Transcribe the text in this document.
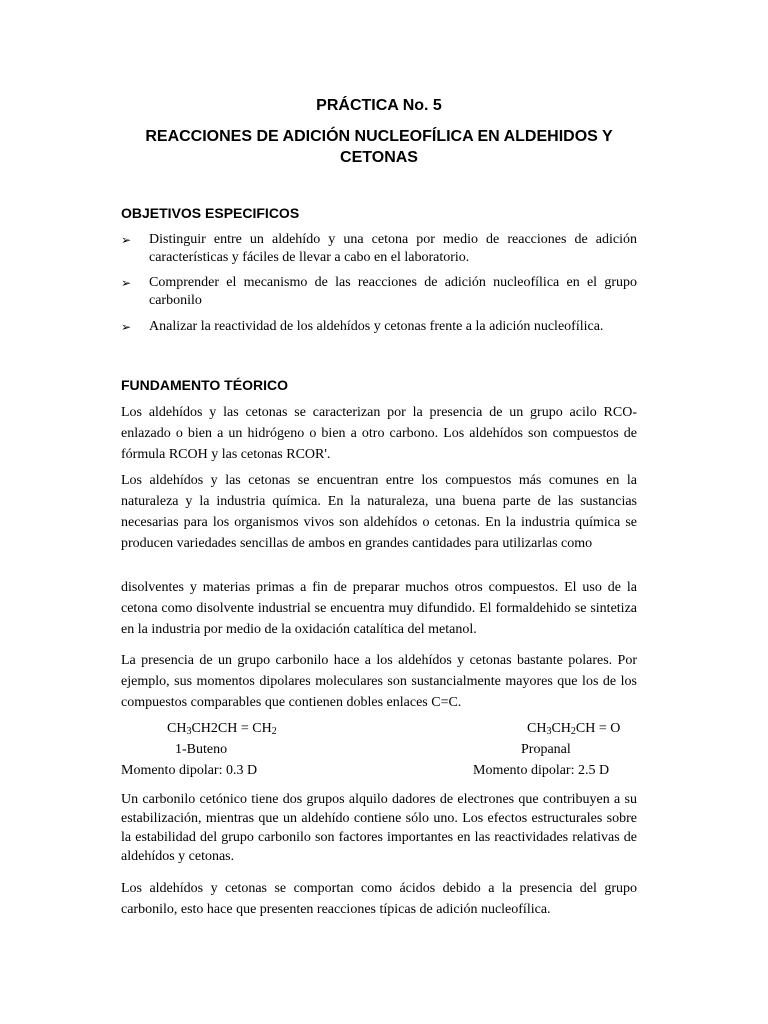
PRÁCTICA No. 5
REACCIONES DE ADICIÓN NUCLEOFÍLICA EN ALDEHIDOS Y CETONAS
OBJETIVOS ESPECIFICOS
➢ Distinguir entre un aldehído y una cetona por medio de reacciones de adición características y fáciles de llevar a cabo en el laboratorio.
➢ Comprender el mecanismo de las reacciones de adición nucleofílica en el grupo carbonilo
➢ Analizar la reactividad de los aldehídos y cetonas frente a la adición nucleofílica.
FUNDAMENTO TÉORICO

Los aldehídos y las cetonas se caracterizan por la presencia de un grupo acilo RCO- enlazado o bien a un hidrógeno o bien a otro carbono. Los aldehídos son compuestos de fórmula RCOH y las cetonas RCOR'.

Los aldehídos y las cetonas se encuentran entre los compuestos más comunes en la naturaleza y la industria química. En la naturaleza, una buena parte de las sustancias necesarias para los organismos vivos son aldehídos o cetonas. En la industria química se producen variedades sencillas de ambos en grandes cantidades para utilizarlas como

disolventes y materias primas a fin de preparar muchos otros compuestos. El uso de la cetona como disolvente industrial se encuentra muy difundido. El formaldehido se sintetiza en la industria por medio de la oxidación catalítica del metanol.

La presencia de un grupo carbonilo hace a los aldehídos y cetonas bastante polares. Por ejemplo, sus momentos dipolares moleculares son sustancialmente mayores que los de los compuestos comparables que contienen dobles enlaces C=C.

$CH_3CH2CH = CH_2$	$CH_3CH_2CH = O$
1-Buteno	Propanal
Momento dipolar: 0.3 D	Momento dipolar: 2.5 D

Un carbonilo cetónico tiene dos grupos alquilo dadores de electrones que contribuyen a su estabilización, mientras que un aldehído contiene sólo uno. Los efectos estructurales sobre la estabilidad del grupo carbonilo son factores importantes en las reactividades relativas de aldehídos y cetonas.

Los aldehídos y cetonas se comportan como ácidos debido a la presencia del grupo carbonilo, esto hace que presenten reacciones típicas de adición nucleofílica.
